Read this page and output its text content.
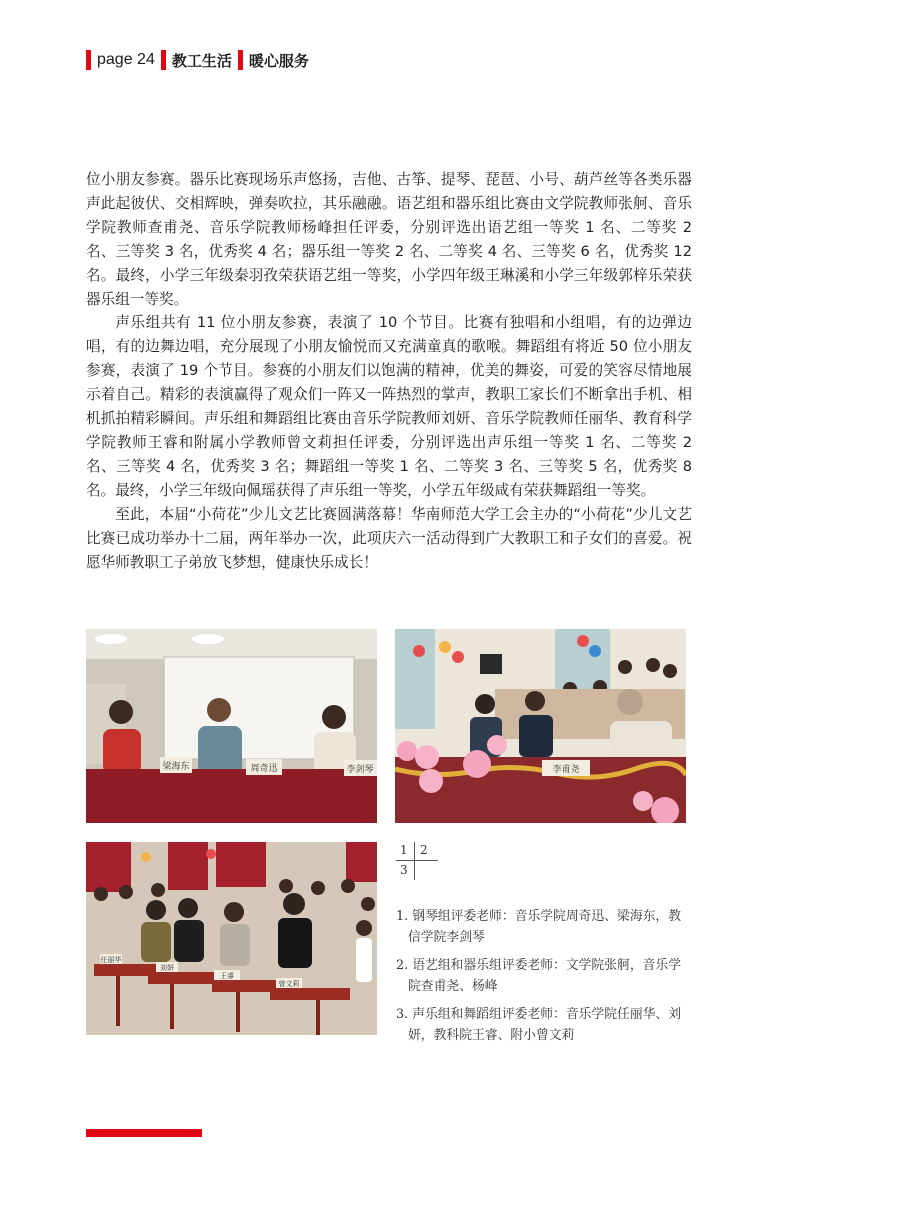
page 24 教工生活 暖心服务

位小朋友参赛。器乐比赛现场乐声悠扬，吉他、古筝、提琴、琵琶、小号、葫芦丝等各类乐器声此起彼伏、交相辉映，弹奏吹拉，其乐融融。语艺组和器乐组比赛由文学院教师张舸、音乐学院教师查甫尧、音乐学院教师杨峰担任评委，分别评选出语艺组一等奖 1 名、二等奖 2 名、三等奖 3 名，优秀奖 4 名；器乐组一等奖 2 名、二等奖 4 名、三等奖 6 名，优秀奖 12 名。最终，小学三年级秦羽孜荣获语艺组一等奖，小学四年级王琳溪和小学三年级郭梓乐荣获器乐组一等奖。

声乐组共有 11 位小朋友参赛，表演了 10 个节目。比赛有独唱和小组唱，有的边弹边唱，有的边舞边唱，充分展现了小朋友愉悦而又充满童真的歌喉。舞蹈组有将近 50 位小朋友参赛，表演了 19 个节目。参赛的小朋友们以饱满的精神，优美的舞姿，可爱的笑容尽情地展示着自己。精彩的表演赢得了观众们一阵又一阵热烈的掌声，教职工家长们不断拿出手机、相机抓拍精彩瞬间。声乐组和舞蹈组比赛由音乐学院教师刘妍、音乐学院教师任丽华、教育科学学院教师王睿和附属小学教师曾文莉担任评委，分别评选出声乐组一等奖 1 名、二等奖 2 名、三等奖 4 名，优秀奖 3 名；舞蹈组一等奖 1 名、二等奖 3 名、三等奖 5 名，优秀奖 8 名。最终，小学三年级向佩瑶获得了声乐组一等奖，小学五年级咸有荣获舞蹈组一等奖。

至此，本届“小荷花”少儿文艺比赛圆满落幕！华南师范大学工会主办的“小荷花”少儿文艺比赛已成功举办十二届，两年举办一次，此项庆六一活动得到广大教职工和子女们的喜爱。祝愿华师教职工子弟放飞梦想，健康快乐成长！

梁海东	周奇迅	李剑琴	李甫尧
任丽华
刘妍
王睿
曾文莉
1 2
3
1. 钢琴组评委老师：音乐学院周奇迅、梁海东，教信学院李剑琴
2. 语艺组和器乐组评委老师：文学院张舸，音乐学院查甫尧、杨峰
3. 声乐组和舞蹈组评委老师：音乐学院任丽华、刘妍，教科院王睿、附小曾文莉
